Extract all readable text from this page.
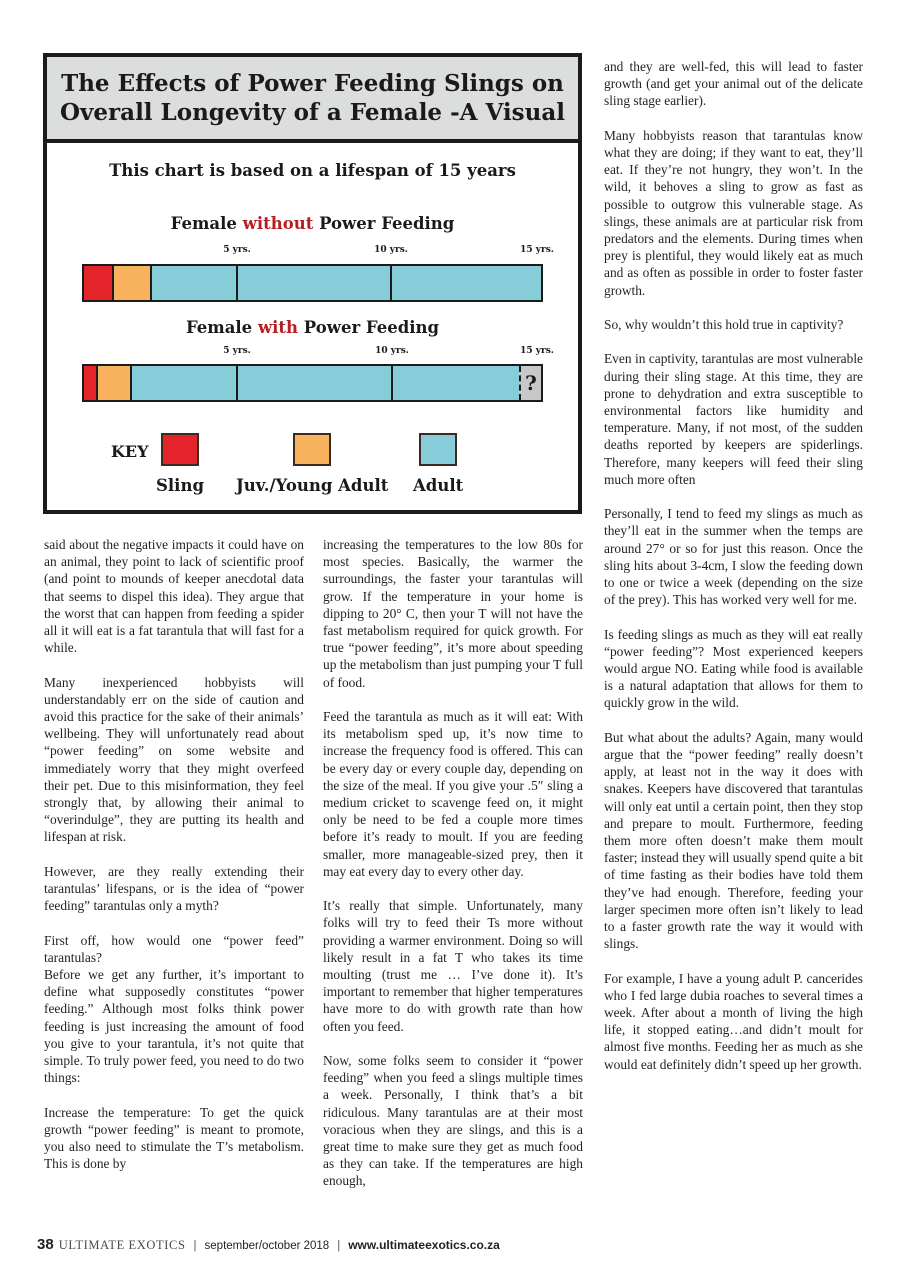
The Effects of Power Feeding Slings on Overall Longevity of a Female -A Visual
This chart is based on a lifespan of 15 years
Female without Power Feeding
5 yrs.	10 yrs.	15 yrs.
Female with Power Feeding
5 yrs.	10 yrs.	15 yrs.
?
KEY
Sling Juv./Young Adult Adult

said about the negative impacts it could have on an animal, they point to lack of scientific proof (and point to mounds of keeper anecdotal data that seems to dispel this idea). They argue that the worst that can happen from feeding a spider all it will eat is a fat tarantula that will fast for a while.

Many inexperienced hobbyists will understandably err on the side of caution and avoid this practice for the sake of their animals’ wellbeing. They will unfortunately read about “power feeding” on some website and immediately worry that they might overfeed their pet. Due to this misinformation, they feel strongly that, by allowing their animal to “overindulge”, they are putting its health and lifespan at risk.

However, are they really extending their tarantulas’ lifespans, or is the idea of “power feeding” tarantulas only a myth?

First off, how would one “power feed” tarantulas?

Before we get any further, it’s important to define what supposedly constitutes “power feeding.” Although most folks think power feeding is just increasing the amount of food you give to your tarantula, it’s not quite that simple. To truly power feed, you need to do two things:

Increase the temperature: To get the quick growth “power feeding” is meant to promote, you also need to stimulate the T’s metabolism. This is done by

increasing the temperatures to the low 80s for most species. Basically, the warmer the surroundings, the faster your tarantulas will grow. If the temperature in your home is dipping to 20° C, then your T will not have the fast metabolism required for quick growth. For true “power feeding”, it’s more about speeding up the metabolism than just pumping your T full of food.

Feed the tarantula as much as it will eat: With its metabolism sped up, it’s now time to increase the frequency food is offered. This can be every day or every couple day, depending on the size of the meal. If you give your .5″ sling a medium cricket to scavenge feed on, it might only be need to be fed a couple more times before it’s ready to moult. If you are feeding smaller, more manageable-sized prey, then it may eat every day to every other day.

It’s really that simple. Unfortunately, many folks will try to feed their Ts more without providing a warmer environment. Doing so will likely result in a fat T who takes its time moulting (trust me … I’ve done it). It’s important to remember that higher temperatures have more to do with growth rate than how often you feed.

Now, some folks seem to consider it “power feeding” when you feed a slings multiple times a week. Personally, I think that’s a bit ridiculous. Many tarantulas are at their most voracious when they are slings, and this is a great time to make sure they get as much food as they can take. If the temperatures are high enough,

and they are well-fed, this will lead to faster growth (and get your animal out of the delicate sling stage earlier).

Many hobbyists reason that tarantulas know what they are doing; if they want to eat, they’ll eat. If they’re not hungry, they won’t. In the wild, it behoves a sling to grow as fast as possible to outgrow this vulnerable stage. As slings, these animals are at particular risk from predators and the elements. During times when prey is plentiful, they would likely eat as much and as often as possible in order to foster faster growth.

So, why wouldn’t this hold true in captivity?

Even in captivity, tarantulas are most vulnerable during their sling stage. At this time, they are prone to dehydration and extra susceptible to environmental factors like humidity and temperature. Many, if not most, of the sudden deaths reported by keepers are spiderlings. Therefore, many keepers will feed their sling much more often

Personally, I tend to feed my slings as much as they’ll eat in the summer when the temps are around 27° or so for just this reason. Once the sling hits about 3-4cm, I slow the feeding down to one or twice a week (depending on the size of the prey). This has worked very well for me.

Is feeding slings as much as they will eat really “power feeding”? Most experienced keepers would argue NO. Eating while food is available is a natural adaptation that allows for them to quickly grow in the wild.

But what about the adults? Again, many would argue that the “power feeding” really doesn’t apply, at least not in the way it does with snakes. Keepers have discovered that tarantulas will only eat until a certain point, then they stop and prepare to moult. Furthermore, feeding them more often doesn’t make them moult faster; instead they will usually spend quite a bit of time fasting as their bodies have told them they’ve had enough. Therefore, feeding your larger specimen more often isn’t likely to lead to a faster growth rate the way it would with slings.

For example, I have a young adult P. cancerides who I fed large dubia roaches to several times a week. After about a month of living the high life, it stopped eating…and didn’t moult for almost five months. Feeding her as much as she would eat definitely didn’t speed up her growth.

38 ULTIMATE EXOTICS | september/october 2018 | www.ultimateexotics.co.za
